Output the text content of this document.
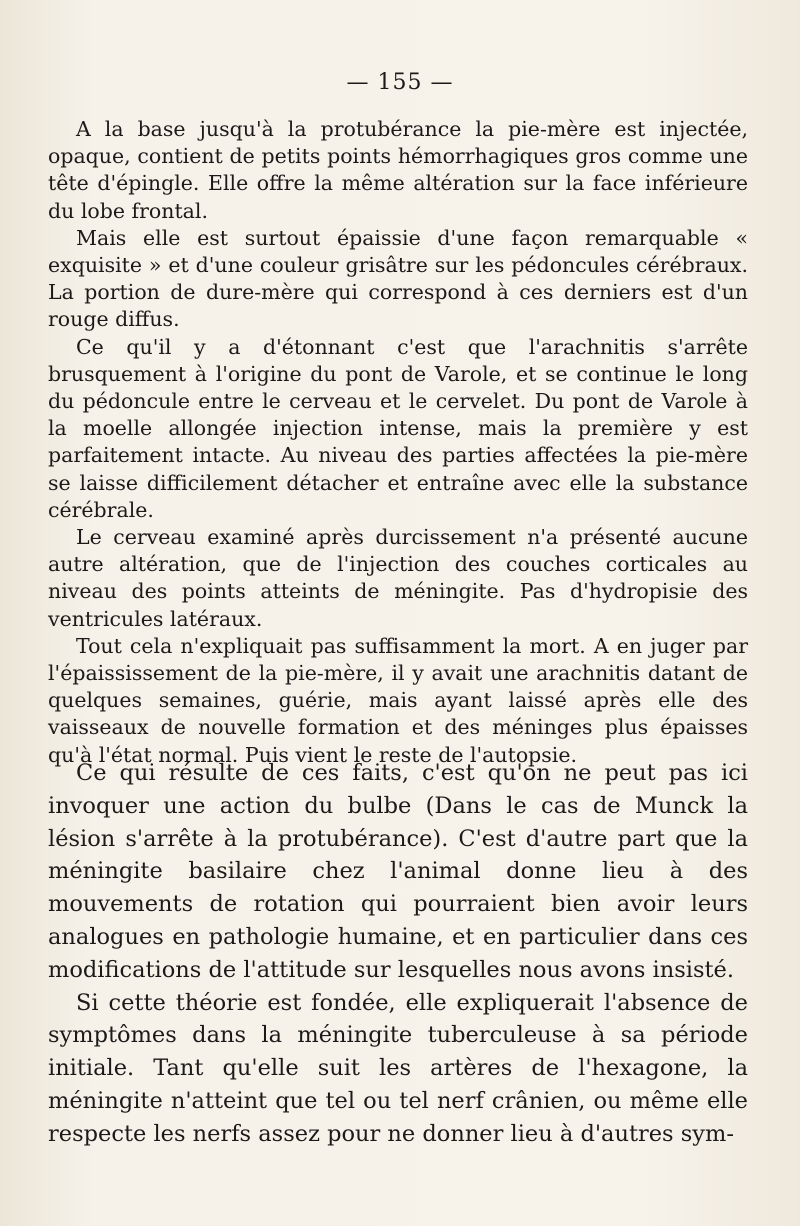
— 155 —

A la base jusqu'à la protubérance la pie-mère est injectée, opaque, contient de petits points hémorrhagiques gros comme une tête d'épingle. Elle offre la même altération sur la face inférieure du lobe frontal.

Mais elle est surtout épaissie d'une façon remarquable « exquisite » et d'une couleur grisâtre sur les pédoncules cérébraux. La portion de dure-mère qui correspond à ces derniers est d'un rouge diffus.

Ce qu'il y a d'étonnant c'est que l'arachnitis s'arrête brusquement à l'origine du pont de Varole, et se continue le long du pédoncule entre le cerveau et le cervelet. Du pont de Varole à la moelle allongée injection intense, mais la première y est parfaitement intacte. Au niveau des parties affectées la pie-mère se laisse difficilement détacher et entraîne avec elle la substance cérébrale.

Le cerveau examiné après durcissement n'a présenté aucune autre altération, que de l'injection des couches corticales au niveau des points atteints de méningite. Pas d'hydropisie des ventricules latéraux.

Tout cela n'expliquait pas suffisamment la mort. A en juger par l'épaississement de la pie-mère, il y avait une arachnitis datant de quelques semaines, guérie, mais ayant laissé après elle des vaisseaux de nouvelle formation et des méninges plus épaisses qu'à l'état normal. Puis vient le reste de l'autopsie.

Ce qui résulte de ces faits, c'est qu'on ne peut pas ici invoquer une action du bulbe (Dans le cas de Munck la lésion s'arrête à la protubérance). C'est d'autre part que la méningite basilaire chez l'animal donne lieu à des mouvements de rotation qui pourraient bien avoir leurs analogues en pathologie humaine, et en particulier dans ces modifications de l'attitude sur lesquelles nous avons insisté.

Si cette théorie est fondée, elle expliquerait l'absence de symptômes dans la méningite tuberculeuse à sa période initiale. Tant qu'elle suit les artères de l'hexagone, la méningite n'atteint que tel ou tel nerf crânien, ou même elle respecte les nerfs assez pour ne donner lieu à d'autres sym-
